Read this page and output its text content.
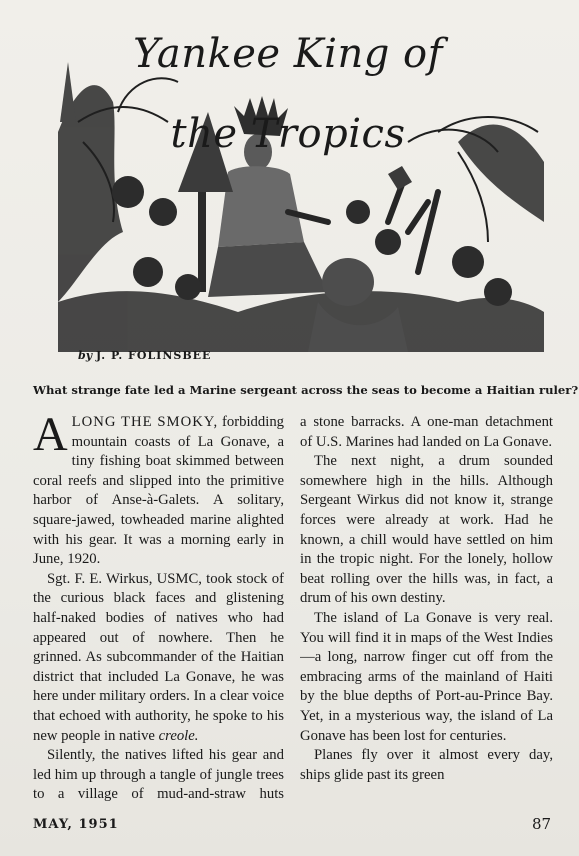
Yankee King of the Tropics
by J. P. FOLINSBEE
What strange fate led a Marine sergeant across the seas to become a Haitian ruler?

A LONG THE SMOKY, forbidding mountain coasts of La Gonave, a tiny fishing boat skimmed between coral reefs and slipped into the primitive harbor of Anse-à-Galets. A solitary, square-jawed, towheaded marine alighted with his gear. It was a morning early in June, 1920.

Sgt. F. E. Wirkus, USMC, took stock of the curious black faces and glistening half-naked bodies of natives who had appeared out of nowhere. Then he grinned. As subcommander of the Haitian district that included La Gonave, he was here under military orders. In a clear voice that echoed with authority, he spoke to his new people in native creole.

Silently, the natives lifted his gear and led him up through a tangle of jungle trees to a village of mud-and-straw huts

a stone barracks. A one-man detachment of U.S. Marines had landed on La Gonave.

The next night, a drum sounded somewhere high in the hills. Although Sergeant Wirkus did not know it, strange forces were already at work. Had he known, a chill would have settled on him in the tropic night. For the lonely, hollow beat rolling over the hills was, in fact, a drum of his own destiny.

The island of La Gonave is very real. You will find it in maps of the West Indies—a long, narrow finger cut off from the embracing arms of the mainland of Haiti by the blue depths of Port-au-Prince Bay. Yet, in a mysterious way, the island of La Gonave has been lost for centuries.

Planes fly over it almost every day, ships glide past its green

MAY, 1951	87
